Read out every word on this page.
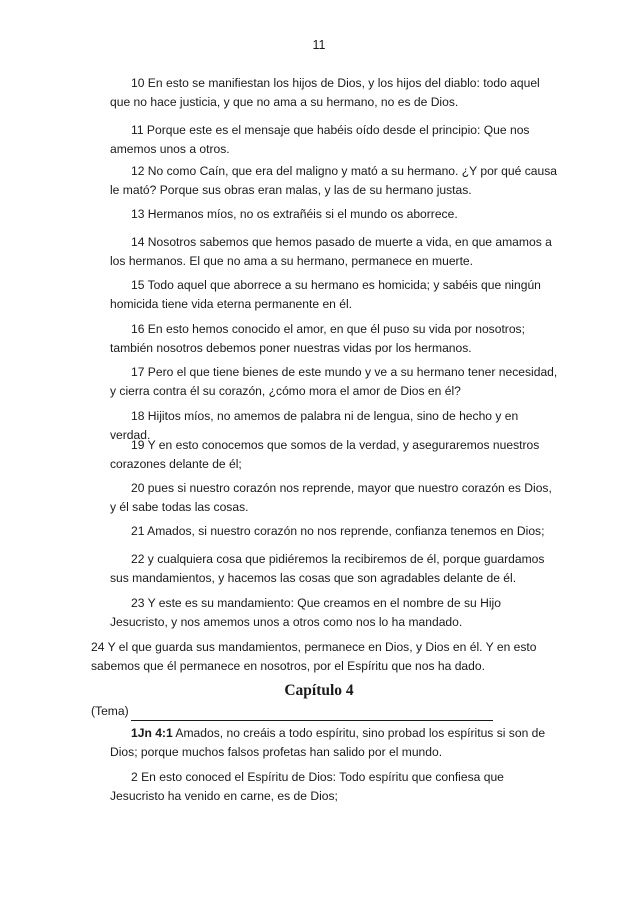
11

10 En esto se manifiestan los hijos de Dios, y los hijos del diablo: todo aquel que no hace justicia, y que no ama a su hermano, no es de Dios.

11 Porque este es el mensaje que habéis oído desde el principio: Que nos amemos unos a otros.

12 No como Caín, que era del maligno y mató a su hermano. ¿Y por qué causa le mató? Porque sus obras eran malas, y las de su hermano justas.

13 Hermanos míos, no os extrañéis si el mundo os aborrece.

14 Nosotros sabemos que hemos pasado de muerte a vida, en que amamos a los hermanos. El que no ama a su hermano, permanece en muerte.

15 Todo aquel que aborrece a su hermano es homicida; y sabéis que ningún homicida tiene vida eterna permanente en él.

16 En esto hemos conocido el amor, en que él puso su vida por nosotros; también nosotros debemos poner nuestras vidas por los hermanos.

17 Pero el que tiene bienes de este mundo y ve a su hermano tener necesidad, y cierra contra él su corazón, ¿cómo mora el amor de Dios en él?

18 Hijitos míos, no amemos de palabra ni de lengua, sino de hecho y en verdad.

19 Y en esto conocemos que somos de la verdad, y aseguraremos nuestros corazones delante de él;

20 pues si nuestro corazón nos reprende, mayor que nuestro corazón es Dios, y él sabe todas las cosas.

21 Amados, si nuestro corazón no nos reprende, confianza tenemos en Dios;

22 y cualquiera cosa que pidiéremos la recibiremos de él, porque guardamos sus mandamientos, y hacemos las cosas que son agradables delante de él.

23 Y este es su mandamiento: Que creamos en el nombre de su Hijo Jesucristo, y nos amemos unos a otros como nos lo ha mandado.

24 Y el que guarda sus mandamientos, permanece en Dios, y Dios en él. Y en esto sabemos que él permanece en nosotros, por el Espíritu que nos ha dado.

Capítulo 4
(Tema)

1Jn 4:1 Amados, no creáis a todo espíritu, sino probad los espíritus si son de Dios; porque muchos falsos profetas han salido por el mundo.

2 En esto conoced el Espíritu de Dios: Todo espíritu que confiesa que Jesucristo ha venido en carne, es de Dios;
